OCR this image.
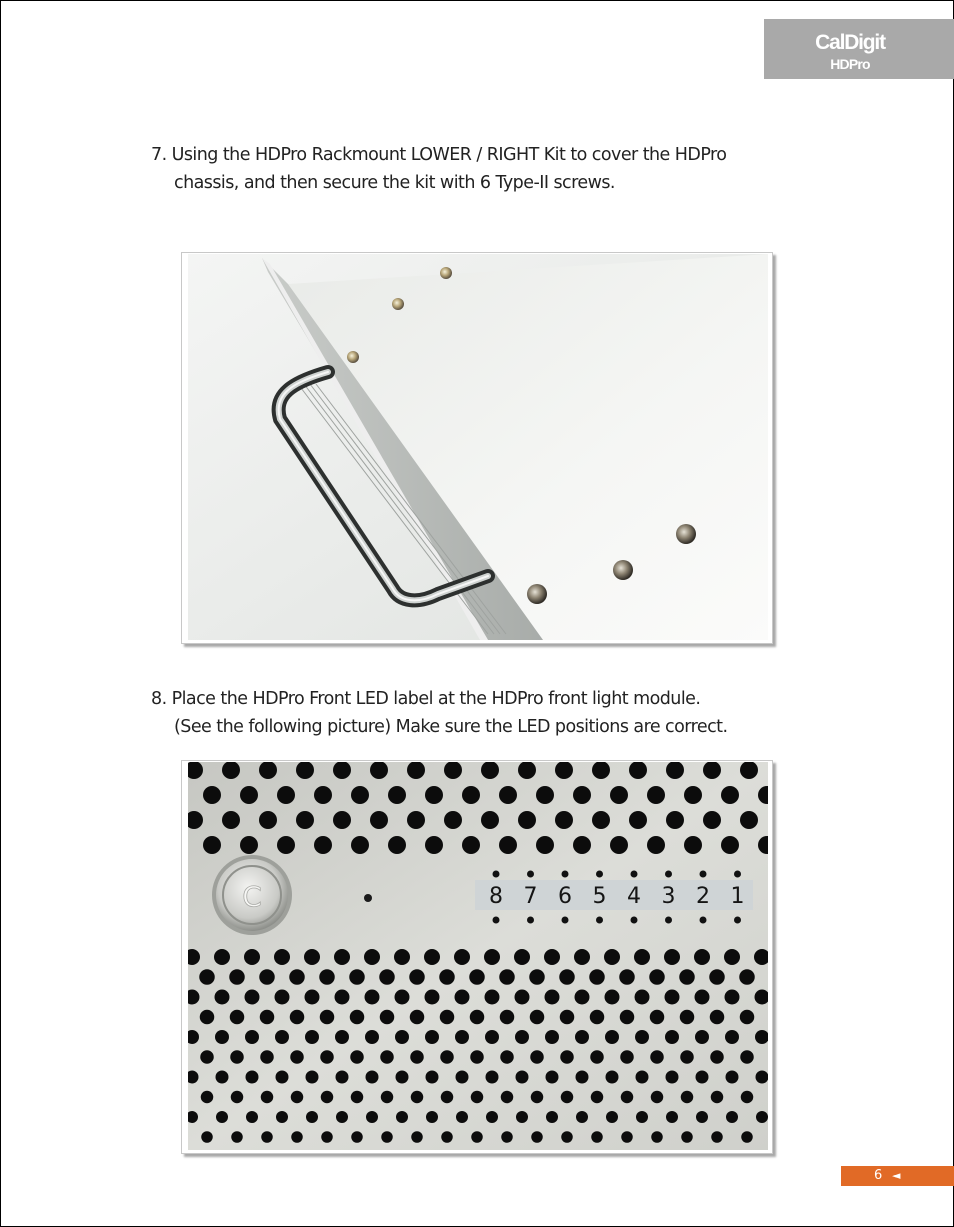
CalDigit
HDPro
7. Using the HDPro Rackmount LOWER / RIGHT Kit to cover the HDPro
chassis, and then secure the kit with 6 Type-II screws.
8. Place the HDPro Front LED label at the HDPro front light module.
(See the following picture) Make sure the LED positions are correct.
C	8 7 6 5 4 3 2 1
6 ◄
